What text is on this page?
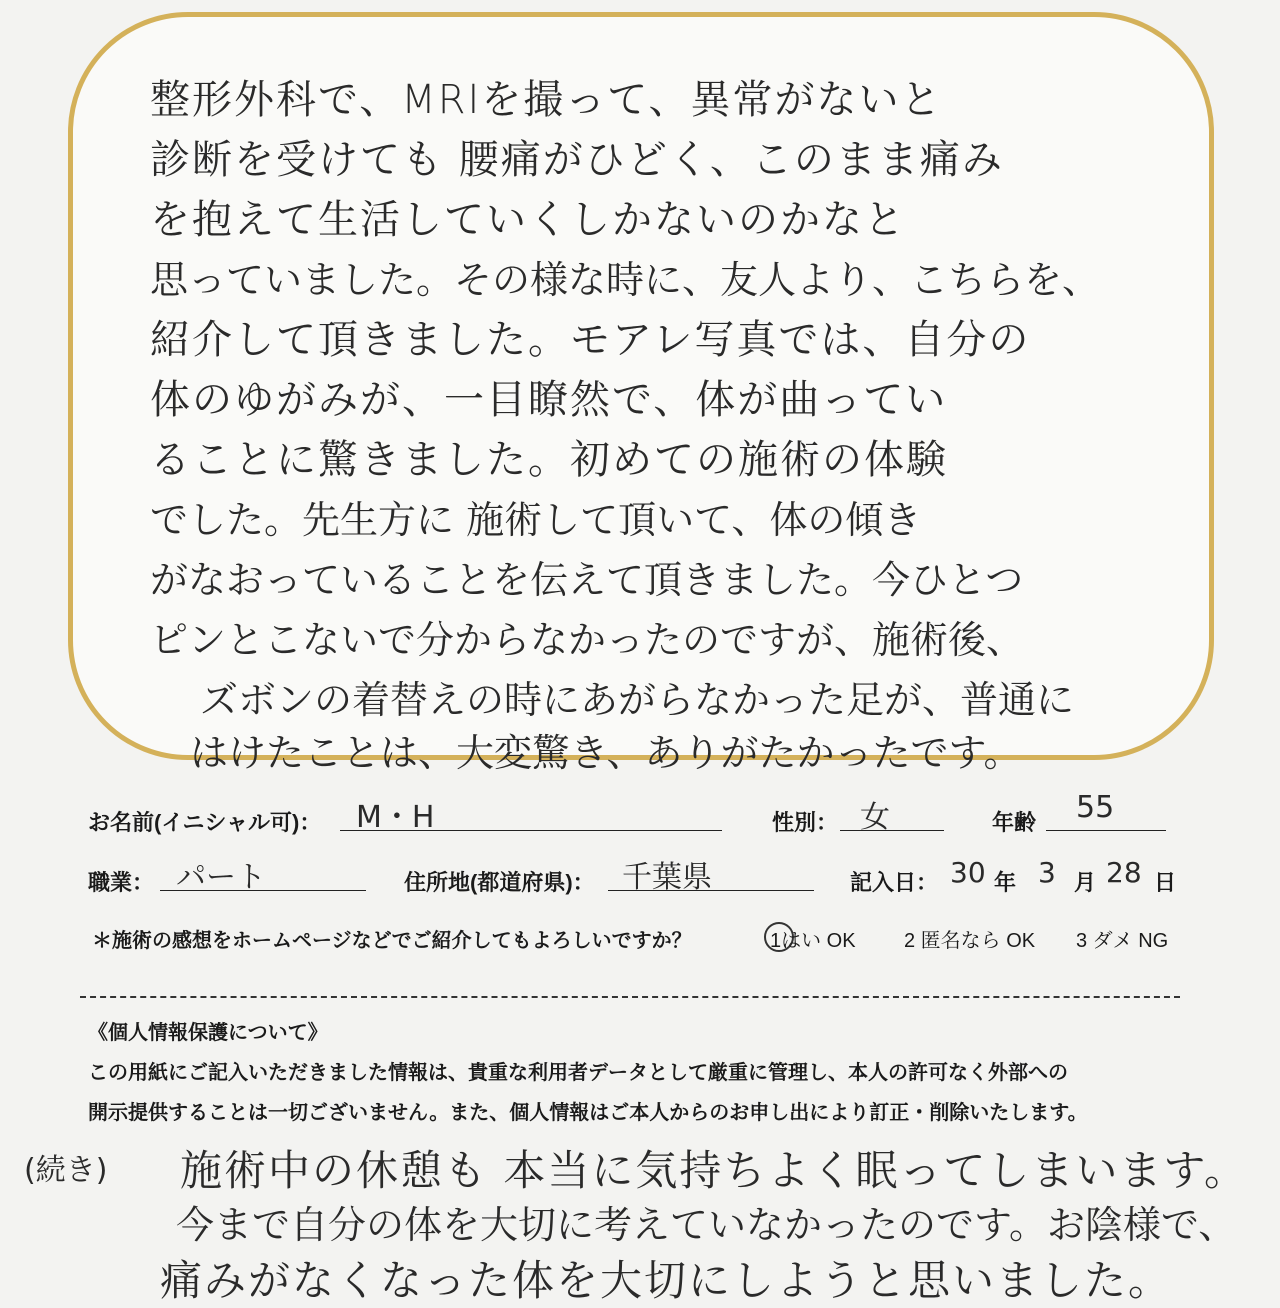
整形外科で、MRIを撮って、異常がないと
診断を受けても 腰痛がひどく、このまま痛み
を抱えて生活していくしかないのかなと
思っていました。その様な時に、友人より、こちらを、
紹介して頂きました。モアレ写真では、自分の
体のゆがみが、一目瞭然で、体が曲ってい
ることに驚きました。初めての施術の体験
でした。先生方に 施術して頂いて、体の傾き
がなおっていることを伝えて頂きました。今ひとつ
ピンとこないで分からなかったのですが、施術後、
ズボンの着替えの時にあがらなかった足が、普通に
はけたことは、大変驚き、ありがたかったです。
お名前(イニシャル可)： M・H	性別： 女	年齢 55
職業： パート	住所地(都道府県)： 千葉県	記入日： 30 年 3 月 28 日
＊施術の感想をホームページなどでご紹介してもよろしいですか？	1はい OK 2 匿名なら OK 3 ダメ NG
《個人情報保護について》
この用紙にご記入いただきました情報は、貴重な利用者データとして厳重に管理し、本人の許可なく外部への
開示提供することは一切ございません。また、個人情報はご本人からのお申し出により訂正・削除いたします。
(続き) 施術中の休憩も 本当に気持ちよく眠ってしまいます。
今まで自分の体を大切に考えていなかったのです。お陰様で、
痛みがなくなった体を大切にしようと思いました。
